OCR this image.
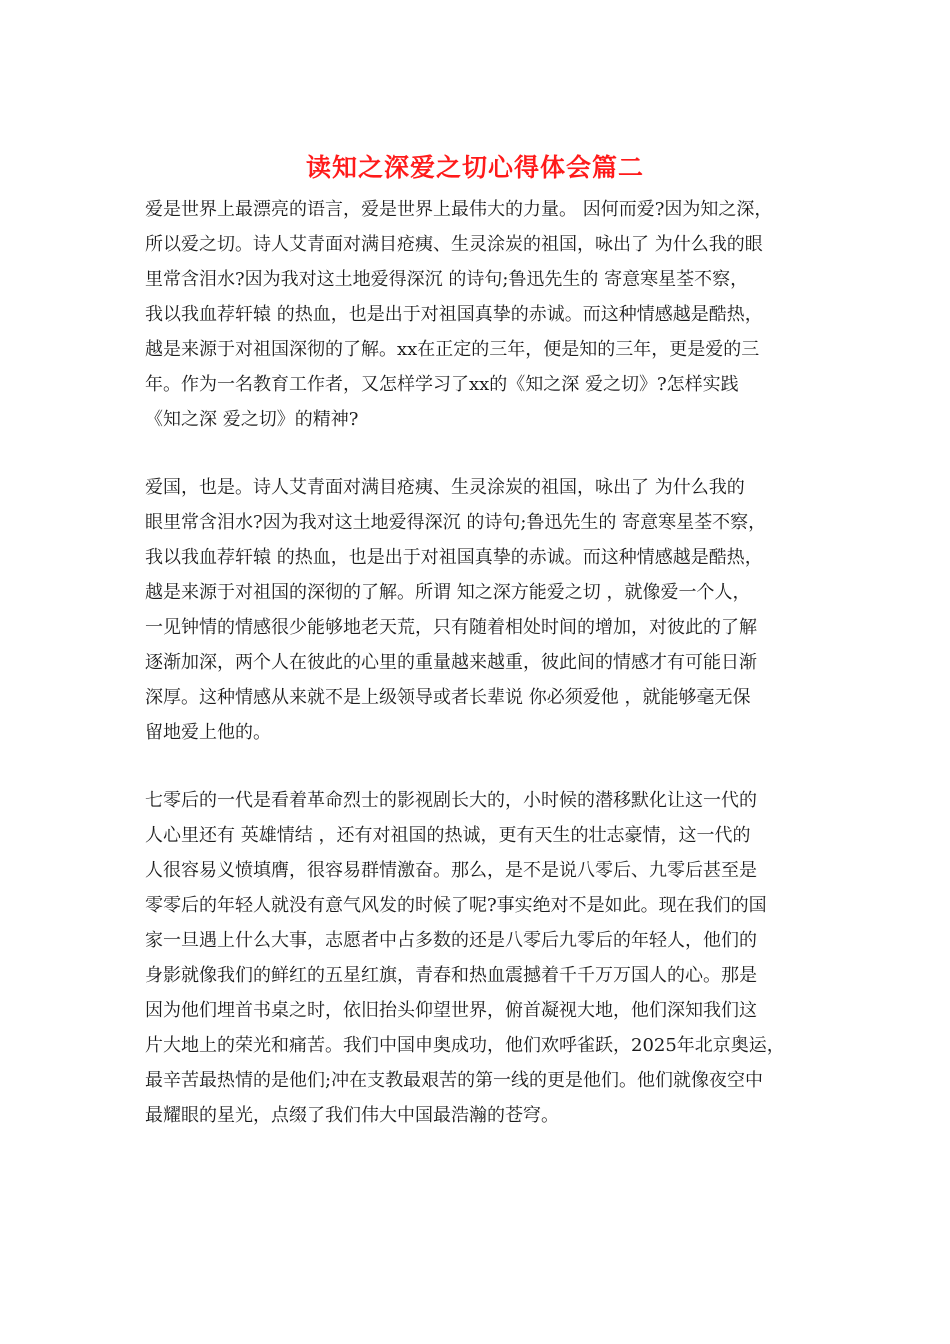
读知之深爱之切心得体会篇二
爱是世界上最漂亮的语言，爱是世界上最伟大的力量。 因何而爱?因为知之深，
所以爱之切。诗人艾青面对满目疮痍、生灵涂炭的祖国，咏出了 为什么我的眼
里常含泪水?因为我对这土地爱得深沉 的诗句;鲁迅先生的 寄意寒星荃不察，
我以我血荐轩辕 的热血，也是出于对祖国真挚的赤诚。而这种情感越是酷热，
越是来源于对祖国深彻的了解。xx在正定的三年，便是知的三年，更是爱的三
年。作为一名教育工作者，又怎样学习了xx的《知之深 爱之切》?怎样实践
《知之深 爱之切》的精神?
爱国，也是。诗人艾青面对满目疮痍、生灵涂炭的祖国，咏出了 为什么我的
眼里常含泪水?因为我对这土地爱得深沉 的诗句;鲁迅先生的 寄意寒星荃不察，
我以我血荐轩辕 的热血，也是出于对祖国真挚的赤诚。而这种情感越是酷热，
越是来源于对祖国的深彻的了解。所谓 知之深方能爱之切 ，就像爱一个人，
一见钟情的情感很少能够地老天荒，只有随着相处时间的增加，对彼此的了解
逐渐加深，两个人在彼此的心里的重量越来越重，彼此间的情感才有可能日渐
深厚。这种情感从来就不是上级领导或者长辈说 你必须爱他 ，就能够毫无保
留地爱上他的。
七零后的一代是看着革命烈士的影视剧长大的，小时候的潜移默化让这一代的
人心里还有 英雄情结 ，还有对祖国的热诚，更有天生的壮志豪情，这一代的
人很容易义愤填膺，很容易群情激奋。那么，是不是说八零后、九零后甚至是
零零后的年轻人就没有意气风发的时候了呢?事实绝对不是如此。现在我们的国
家一旦遇上什么大事，志愿者中占多数的还是八零后九零后的年轻人，他们的
身影就像我们的鲜红的五星红旗，青春和热血震撼着千千万万国人的心。那是
因为他们埋首书桌之时，依旧抬头仰望世界，俯首凝视大地，他们深知我们这
片大地上的荣光和痛苦。我们中国申奥成功，他们欢呼雀跃，2025年北京奥运，
最辛苦最热情的是他们;冲在支教最艰苦的第一线的更是他们。他们就像夜空中
最耀眼的星光，点缀了我们伟大中国最浩瀚的苍穹。
